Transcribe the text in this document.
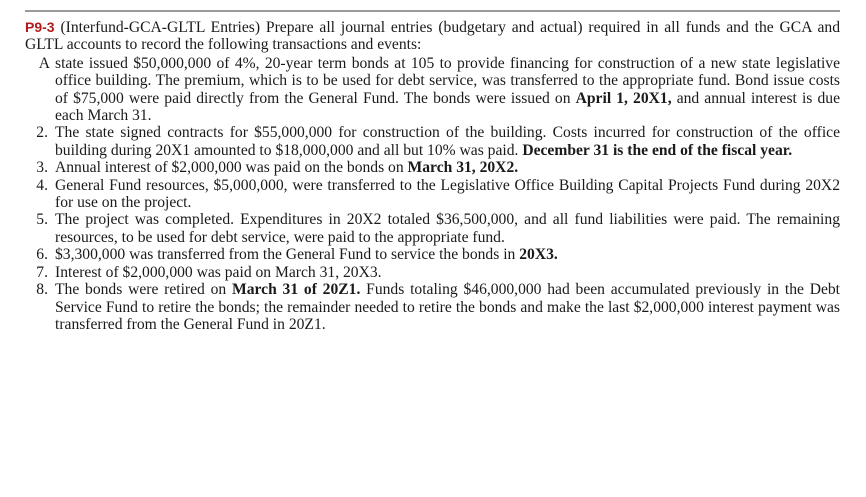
P9-3 (Interfund-GCA-GLTL Entries) Prepare all journal entries (budgetary and actual) required in all funds and the GCA and GLTL accounts to record the following transactions and events:

A state issued $50,000,000 of 4%, 20-year term bonds at 105 to provide financing for construction of a new state legislative office building. The premium, which is to be used for debt service, was transferred to the appropriate fund. Bond issue costs of $75,000 were paid directly from the General Fund. The bonds were issued on April 1, 20X1, and annual interest is due each March 31.
2. The state signed contracts for $55,000,000 for construction of the building. Costs incurred for construction of the office building during 20X1 amounted to $18,000,000 and all but 10% was paid. December 31 is the end of the fiscal year.
3. Annual interest of $2,000,000 was paid on the bonds on March 31, 20X2.
4. General Fund resources, $5,000,000, were transferred to the Legislative Office Building Capital Projects Fund during 20X2 for use on the project.
5. The project was completed. Expenditures in 20X2 totaled $36,500,000, and all fund liabilities were paid. The remaining resources, to be used for debt service, were paid to the appropriate fund.
6. $3,300,000 was transferred from the General Fund to service the bonds in 20X3.
7. Interest of $2,000,000 was paid on March 31, 20X3.
8. The bonds were retired on March 31 of 20Z1. Funds totaling $46,000,000 had been accumulated previously in the Debt Service Fund to retire the bonds; the remainder needed to retire the bonds and make the last $2,000,000 interest payment was transferred from the General Fund in 20Z1.
